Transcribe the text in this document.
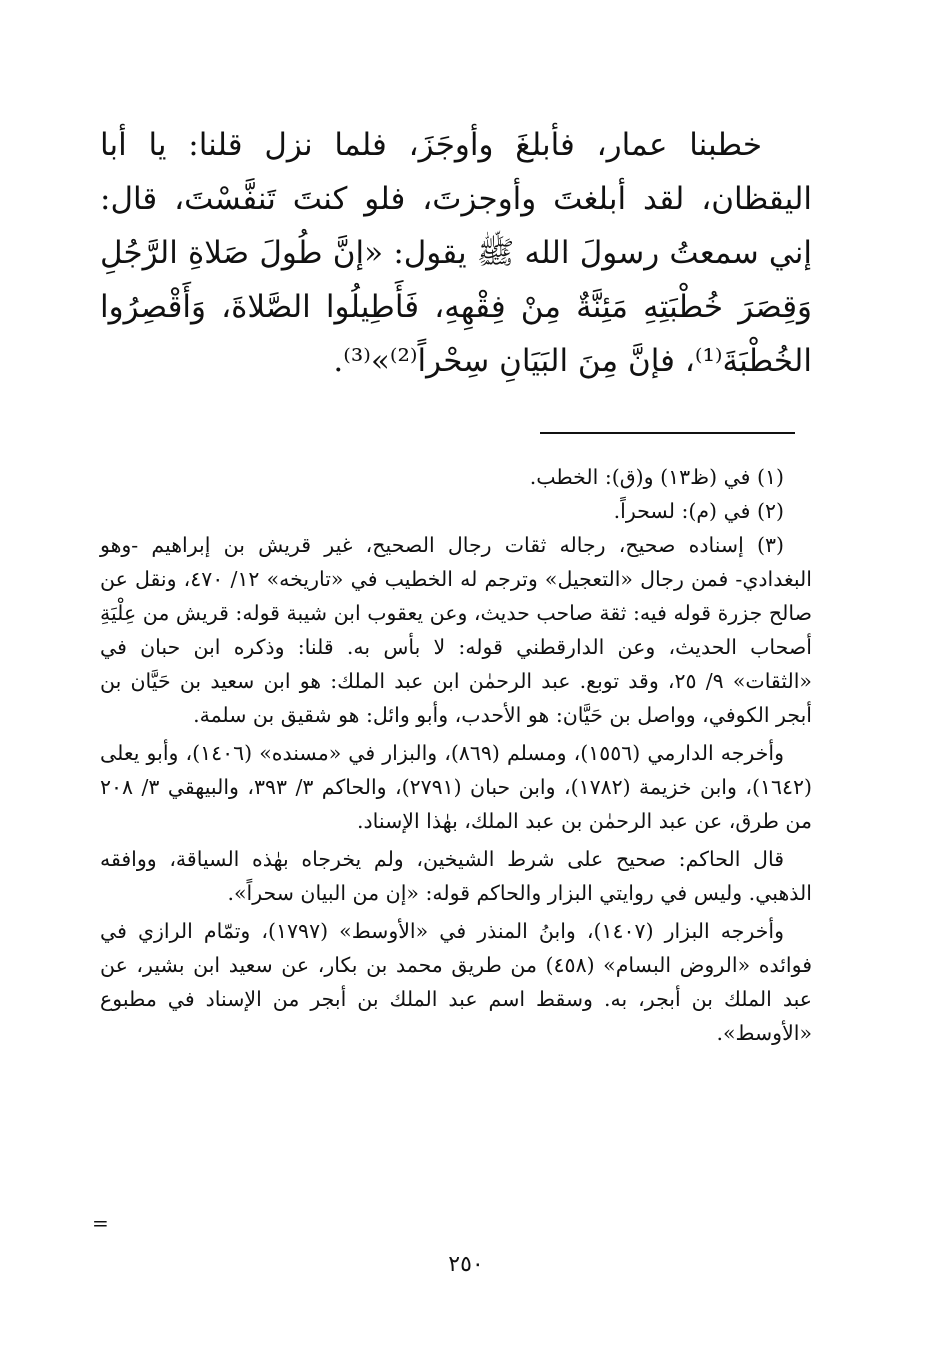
خطبنا عمار، فأبلغَ وأوجَزَ، فلما نزل قلنا: يا أبا اليقظان، لقد أبلغتَ وأوجزتَ، فلو كنتَ تَنفَّسْتَ، قال: إني سمعتُ رسولَ الله ﷺ يقول: «إنَّ طُولَ صَلاةِ الرَّجُلِ وَقِصَرَ خُطْبَتِهِ مَئِنَّةٌ مِنْ فِقْهِهِ، فَأَطِيلُوا الصَّلاةَ، وَأَقْصِرُوا الخُطْبَةَ⁽¹⁾، فإنَّ مِنَ البَيَانِ سِحْراً⁽²⁾»⁽³⁾.

(١) في (ظ١٣) و(ق): الخطب.

(٢) في (م): لسحراً.

(٣) إسناده صحيح، رجاله ثقات رجال الصحيح، غير قريش بن إبراهيم -وهو البغدادي- فمن رجال «التعجيل» وترجم له الخطيب في «تاريخه» ١٢/ ٤٧٠، ونقل عن صالح جزرة قوله فيه: ثقة صاحب حديث، وعن يعقوب ابن شيبة قوله: قريش من عِلْيَةِ أصحاب الحديث، وعن الدارقطني قوله: لا بأس به. قلنا: وذكره ابن حبان في «الثقات» ٩/ ٢٥، وقد توبع. عبد الرحمٰن ابن عبد الملك: هو ابن سعيد بن حَيَّان بن أبجر الكوفي، وواصل بن حَيَّان: هو الأحدب، وأبو وائل: هو شقيق بن سلمة.

وأخرجه الدارمي (١٥٥٦)، ومسلم (٨٦٩)، والبزار في «مسنده» (١٤٠٦)، وأبو يعلى (١٦٤٢)، وابن خزيمة (١٧٨٢)، وابن حبان (٢٧٩١)، والحاكم ٣/ ٣٩٣، والبيهقي ٣/ ٢٠٨ من طرق، عن عبد الرحمٰن بن عبد الملك، بهٰذا الإسناد.

قال الحاكم: صحيح على شرط الشيخين، ولم يخرجاه بهٰذه السياقة، ووافقه الذهبي. وليس في روايتي البزار والحاكم قوله: «إن من البيان سحراً».

وأخرجه البزار (١٤٠٧)، وابنُ المنذر في «الأوسط» (١٧٩٧)، وتمّام الرازي في فوائده «الروض البسام» (٤٥٨) من طريق محمد بن بكار، عن سعيد ابن بشير، عن عبد الملك بن أبجر، به. وسقط اسم عبد الملك بن أبجر من الإسناد في مطبوع «الأوسط».

=
٢٥٠
